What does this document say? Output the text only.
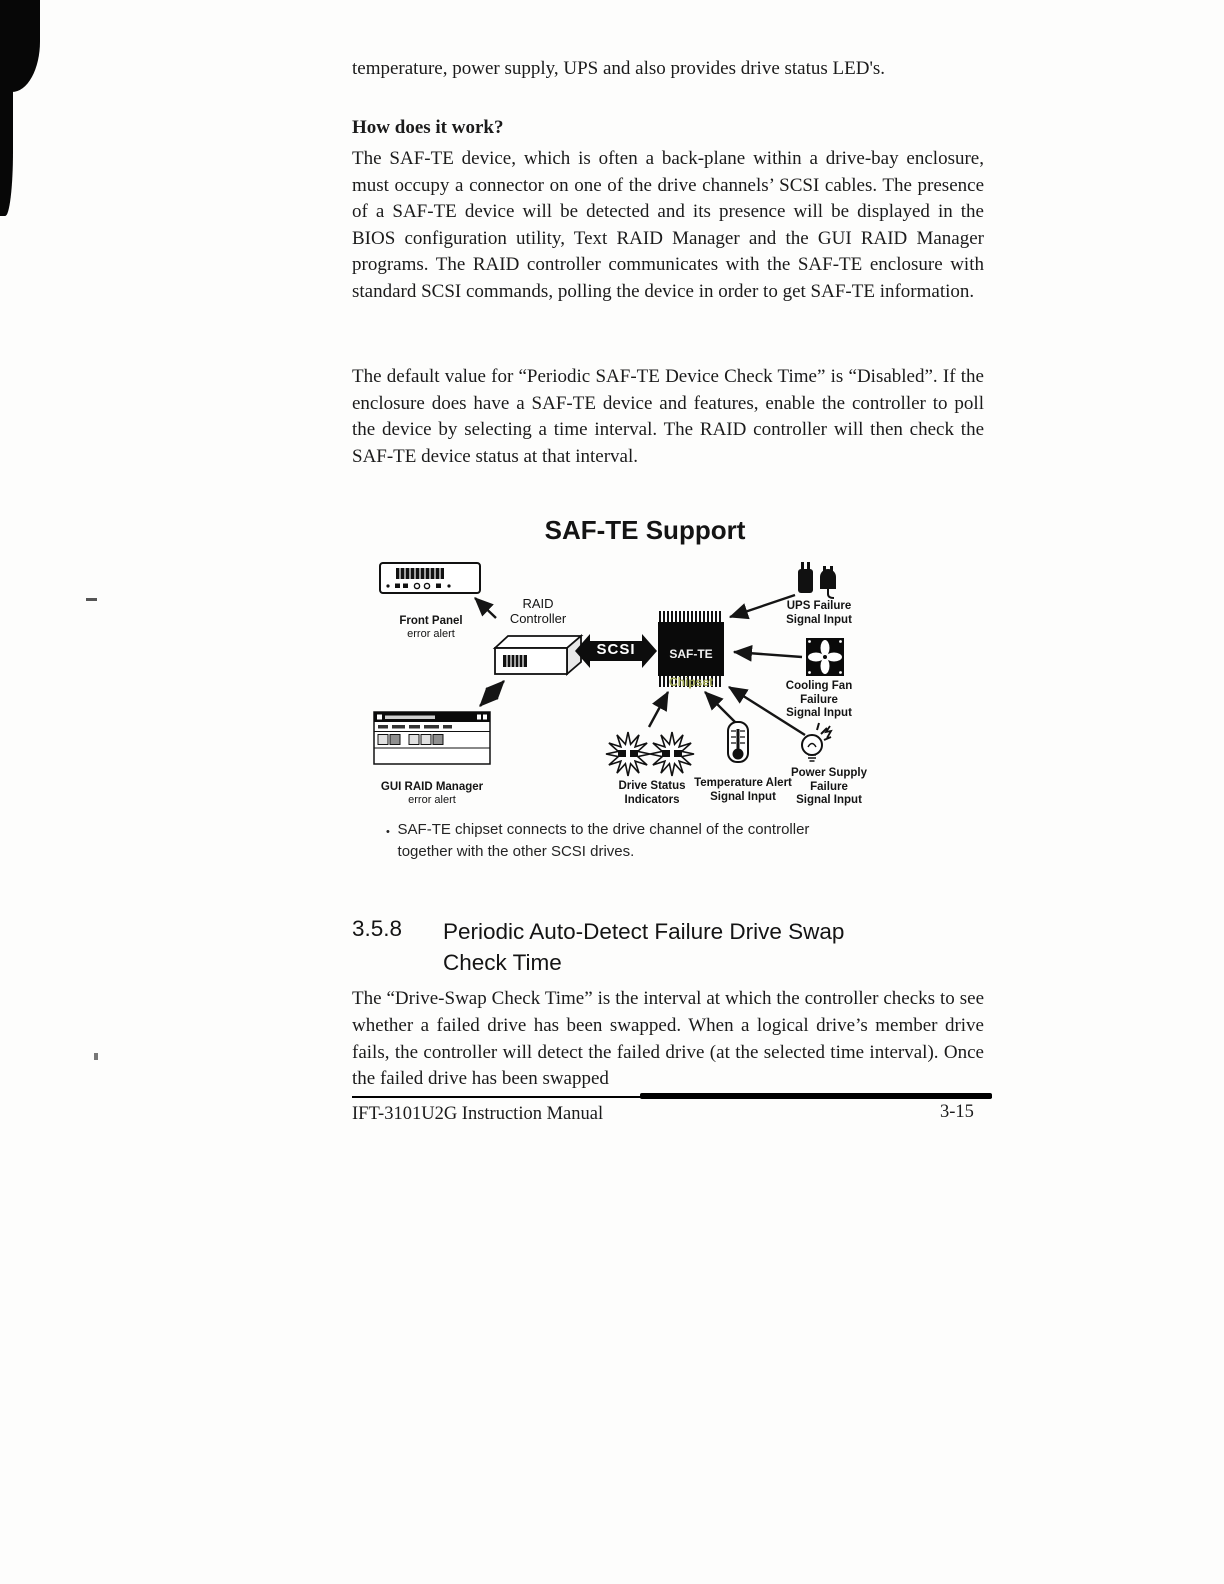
temperature, power supply, UPS and also provides drive status LED's.

How does it work?

The SAF-TE device, which is often a back-plane within a drive-bay enclosure, must occupy a connector on one of the drive channels’ SCSI cables. The presence of a SAF-TE device will be detected and its presence will be displayed in the BIOS configuration utility, Text RAID Manager and the GUI RAID Manager programs. The RAID controller communicates with the SAF-TE enclosure with standard SCSI commands, polling the device in order to get SAF-TE information.

The default value for “Periodic SAF-TE Device Check Time” is “Disabled”. If the enclosure does have a SAF-TE device and features, enable the controller to poll the device by selecting a time interval. The RAID controller will then check the SAF-TE device status at that interval.

SAF-TE Support

Front Panel

error alert

RAID
Controller
SCSI	SAF-TE

Chipset

UPS Failure
Signal Input
Cooling Fan
Failure
Signal Input

GUI RAID Manager

error alert

Drive Status
Indicators
Temperature Alert
Signal Input
Power Supply
Failure
Signal Input
• SAF-TE chipset connects to the drive channel of the controller together with the other SCSI drives.
3.5.8 Periodic Auto-Detect Failure Drive Swap
Check Time

The “Drive-Swap Check Time” is the interval at which the controller checks to see whether a failed drive has been swapped. When a logical drive’s member drive fails, the controller will detect the failed drive (at the selected time interval). Once the failed drive has been swapped

IFT-3101U2G Instruction Manual	3-15
